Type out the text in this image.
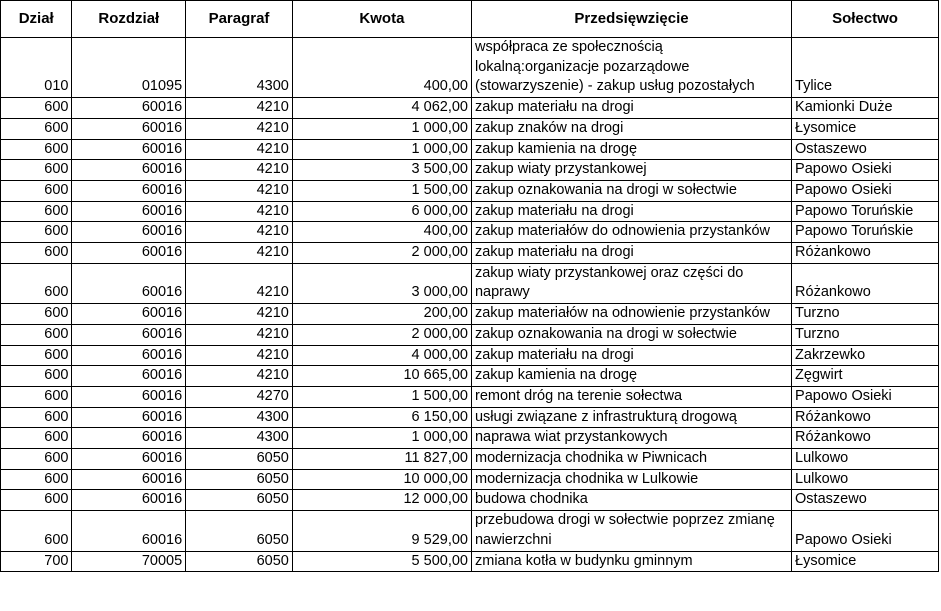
Dział	Rozdział	Paragraf	Kwota	Przedsięwzięcie	Sołectwo
010	01095	4300	400,00	współpraca ze społecznością lokalną:organizacje pozarządowe (stowarzyszenie) - zakup usług pozostałych	Tylice
600	60016	4210	4 062,00	zakup materiału na drogi	Kamionki Duże
600	60016	4210	1 000,00	zakup znaków na drogi	Łysomice
600	60016	4210	1 000,00	zakup kamienia na drogę	Ostaszewo
600	60016	4210	3 500,00	zakup wiaty przystankowej	Papowo Osieki
600	60016	4210	1 500,00	zakup oznakowania na drogi w sołectwie	Papowo Osieki
600	60016	4210	6 000,00	zakup materiału na drogi	Papowo Toruńskie
600	60016	4210	400,00	zakup materiałów do odnowienia przystanków	Papowo Toruńskie
600	60016	4210	2 000,00	zakup materiału na drogi	Różankowo
600	60016	4210	3 000,00	zakup wiaty przystankowej oraz części do naprawy	Różankowo
600	60016	4210	200,00	zakup materiałów na odnowienie przystanków	Turzno
600	60016	4210	2 000,00	zakup oznakowania na drogi w sołectwie	Turzno
600	60016	4210	4 000,00	zakup materiału na drogi	Zakrzewko
600	60016	4210	10 665,00	zakup kamienia na drogę	Zęgwirt
600	60016	4270	1 500,00	remont dróg na terenie sołectwa	Papowo Osieki
600	60016	4300	6 150,00	usługi związane z infrastrukturą drogową	Różankowo
600	60016	4300	1 000,00	naprawa wiat przystankowych	Różankowo
600	60016	6050	11 827,00	modernizacja chodnika w Piwnicach	Lulkowo
600	60016	6050	10 000,00	modernizacja chodnika w Lulkowie	Lulkowo
600	60016	6050	12 000,00	budowa chodnika	Ostaszewo
600	60016	6050	9 529,00	przebudowa drogi w sołectwie poprzez zmianę nawierzchni	Papowo Osieki
700	70005	6050	5 500,00	zmiana kotła w budynku gminnym	Łysomice
